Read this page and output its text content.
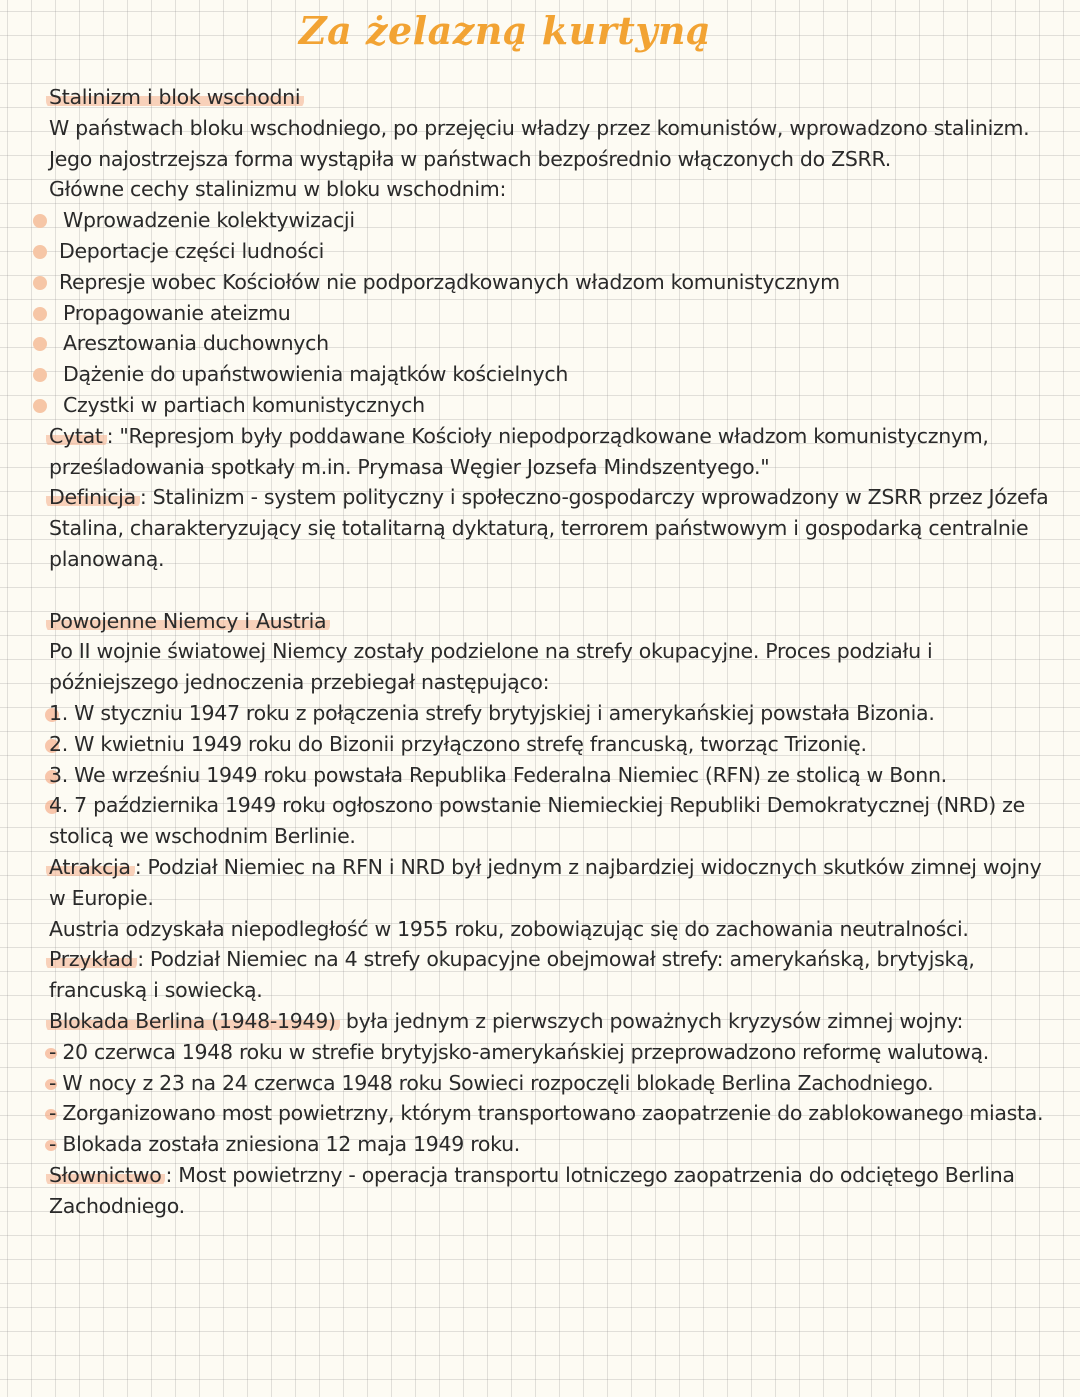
Za żelazną kurtyną
Stalinizm i blok wschodni
W państwach bloku wschodniego, po przejęciu władzy przez komunistów, wprowadzono stalinizm.
Jego najostrzejsza forma wystąpiła w państwach bezpośrednio włączonych do ZSRR.
Główne cechy stalinizmu w bloku wschodnim:
Wprowadzenie kolektywizacji
Deportacje części ludności
Represje wobec Kościołów nie podporządkowanych władzom komunistycznym
Propagowanie ateizmu
Aresztowania duchownych
Dążenie do upaństwowienia majątków kościelnych
Czystki w partiach komunistycznych
Cytat : "Represjom były poddawane Kościoły niepodporządkowane władzom komunistycznym,
prześladowania spotkały m.in. Prymasa Węgier Jozsefa Mindszentyego."
Definicja : Stalinizm - system polityczny i społeczno-gospodarczy wprowadzony w ZSRR przez Józefa
Stalina, charakteryzujący się totalitarną dyktaturą, terrorem państwowym i gospodarką centralnie
planowaną.
Powojenne Niemcy i Austria
Po II wojnie światowej Niemcy zostały podzielone na strefy okupacyjne. Proces podziału i
późniejszego jednoczenia przebiegał następująco:
1. W styczniu 1947 roku z połączenia strefy brytyjskiej i amerykańskiej powstała Bizonia.
2. W kwietniu 1949 roku do Bizonii przyłączono strefę francuską, tworząc Trizonię.
3. We wrześniu 1949 roku powstała Republika Federalna Niemiec (RFN) ze stolicą w Bonn.
4. 7 października 1949 roku ogłoszono powstanie Niemieckiej Republiki Demokratycznej (NRD) ze
stolicą we wschodnim Berlinie.
Atrakcja : Podział Niemiec na RFN i NRD był jednym z najbardziej widocznych skutków zimnej wojny
w Europie.
Austria odzyskała niepodległość w 1955 roku, zobowiązując się do zachowania neutralności.
Przykład : Podział Niemiec na 4 strefy okupacyjne obejmował strefy: amerykańską, brytyjską,
francuską i sowiecką.
Blokada Berlina (1948-1949) była jednym z pierwszych poważnych kryzysów zimnej wojny:
- 20 czerwca 1948 roku w strefie brytyjsko-amerykańskiej przeprowadzono reformę walutową.
- W nocy z 23 na 24 czerwca 1948 roku Sowieci rozpoczęli blokadę Berlina Zachodniego.
- Zorganizowano most powietrzny, którym transportowano zaopatrzenie do zablokowanego miasta.
- Blokada została zniesiona 12 maja 1949 roku.
Słownictwo : Most powietrzny - operacja transportu lotniczego zaopatrzenia do odciętego Berlina
Zachodniego.
